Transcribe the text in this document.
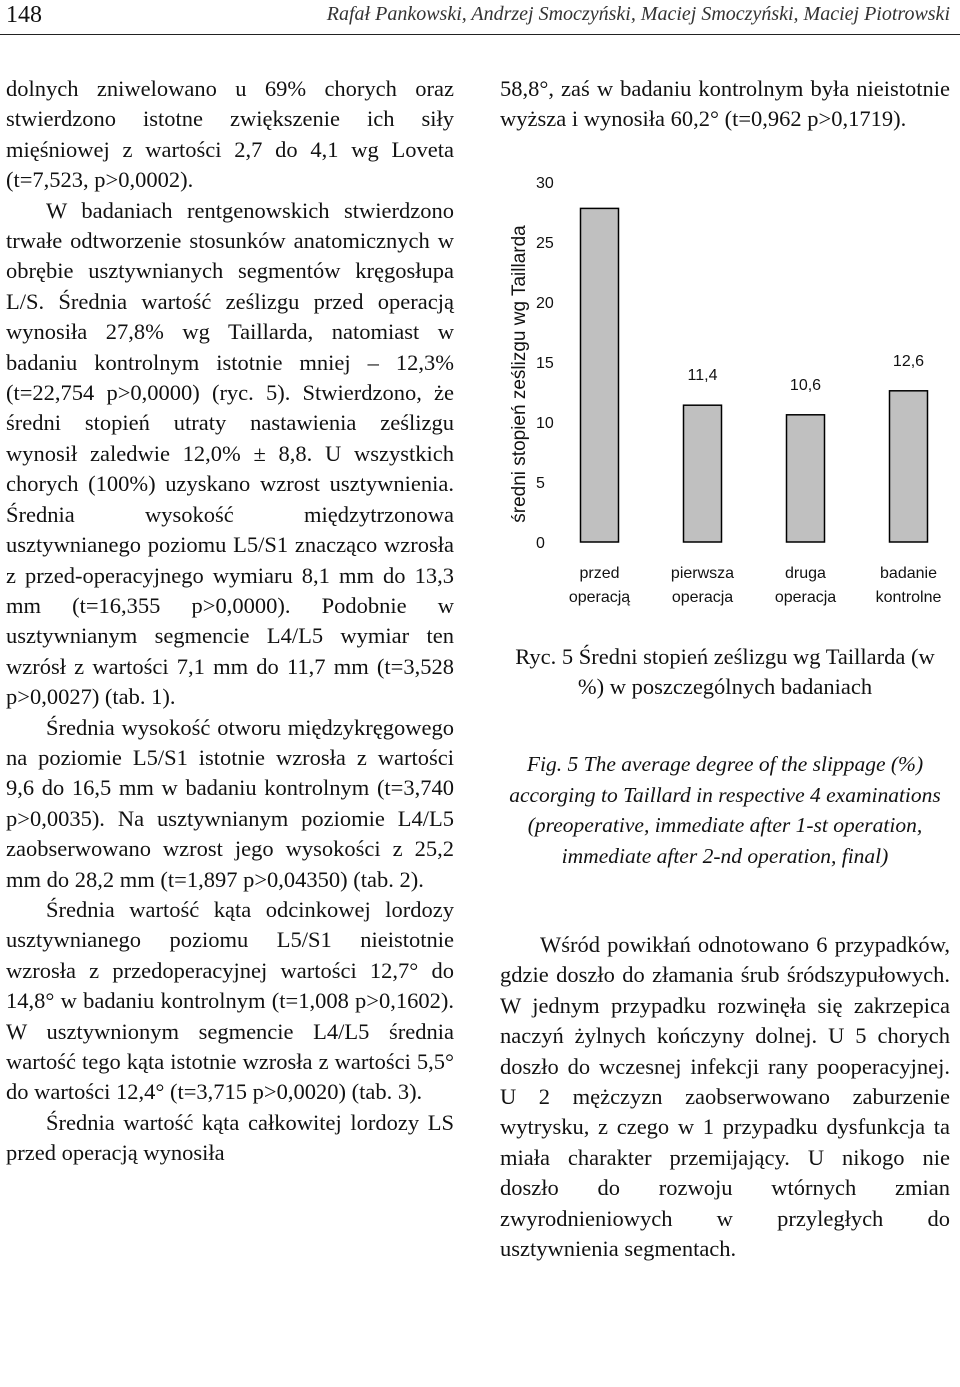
148	Rafał Pankowski, Andrzej Smoczyński, Maciej Smoczyński, Maciej Piotrowski

dolnych zniwelowano u 69% chorych oraz stwierdzono istotne zwiększenie ich siły mięśniowej z wartości 2,7 do 4,1 wg Loveta (t=7,523, p>0,0002).

W badaniach rentgenowskich stwierdzono trwałe odtworzenie stosunków anatomicznych w obrębie usztywnianych segmentów kręgosłupa L/S. Średnia wartość ześlizgu przed operacją wynosiła 27,8% wg Taillarda, natomiast w badaniu kontrolnym istotnie mniej – 12,3% (t=22,754 p>0,0000) (ryc. 5). Stwierdzono, że średni stopień utraty nastawienia ześlizgu wynosił zaledwie 12,0% ± 8,8. U wszystkich chorych (100%) uzyskano wzrost usztywnienia. Średnia wysokość międzytrzonowa usztywnianego poziomu L5/S1 znacząco wzrosła z przed-operacyjnego wymiaru 8,1 mm do 13,3 mm (t=16,355 p>0,0000). Podobnie w usztywnianym segmencie L4/L5 wymiar ten wzrósł z wartości 7,1 mm do 11,7 mm (t=3,528 p>0,0027) (tab. 1).

Średnia wysokość otworu międzykręgowego na poziomie L5/S1 istotnie wzrosła z wartości 9,6 do 16,5 mm w badaniu kontrolnym (t=3,740 p>0,0035). Na usztywnianym poziomie L4/L5 zaobserwowano wzrost jego wysokości z 25,2 mm do 28,2 mm (t=1,897 p>0,04350) (tab. 2).

Średnia wartość kąta odcinkowej lordozy usztywnianego poziomu L5/S1 nieistotnie wzrosła z przedoperacyjnej wartości 12,7° do 14,8° w badaniu kontrolnym (t=1,008 p>0,1602). W usztywnionym segmencie L4/L5 średnia wartość tego kąta istotnie wzrosła z wartości 5,5° do wartości 12,4° (t=3,715 p>0,0020) (tab. 3).

Średnia wartość kąta całkowitej lordozy LS przed operacją wynosiła

58,8°, zaś w badaniu kontrolnym była nieistotnie wyższa i wynosiła 60,2° (t=0,962 p>0,1719).

średni stopień ześlizgu wg Taillarda
0
5
10
15
20
25
30
11,4
10,6
12,6
przed
operacją
pierwsza
operacja
druga
operacja
badanie
kontrolne
Ryc. 5 Średni stopień ześlizgu wg Taillarda (w %) w poszczególnych badaniach
Fig. 5 The average degree of the slippage (%) accorging to Taillard in respective 4 examinations (preoperative, immediate after 1-st operation, immediate after 2-nd operation, final)

Wśród powikłań odnotowano 6 przypadków, gdzie doszło do złamania śrub śródszypułowych. W jednym przypadku rozwinęła się zakrzepica naczyń żylnych kończyny dolnej. U 5 chorych doszło do wczesnej infekcji rany pooperacyjnej. U 2 mężczyzn zaobserwowano zaburzenie wytrysku, z czego w 1 przypadku dysfunkcja ta miała charakter przemijający. U nikogo nie doszło do rozwoju wtórnych zmian zwyrodnieniowych w przyległych do usztywnienia segmentach.
